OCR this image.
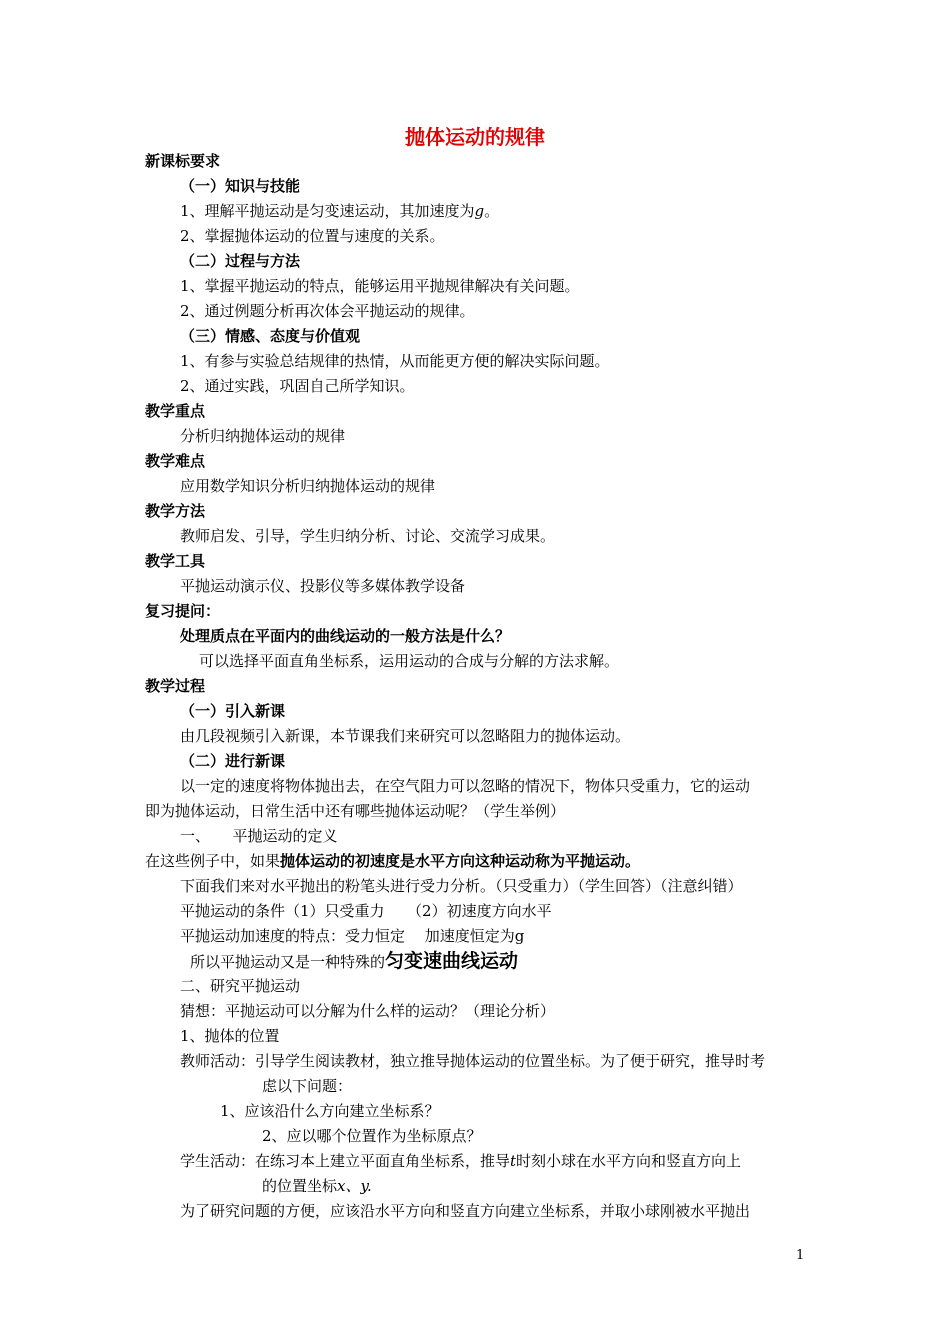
抛体运动的规律
新课标要求
（一）知识与技能
1、理解平抛运动是匀变速运动，其加速度为g。
2、掌握抛体运动的位置与速度的关系。
（二）过程与方法
1、掌握平抛运动的特点，能够运用平抛规律解决有关问题。
2、通过例题分析再次体会平抛运动的规律。
（三）情感、态度与价值观
1、有参与实验总结规律的热情，从而能更方便的解决实际问题。
2、通过实践，巩固自己所学知识。
教学重点
分析归纳抛体运动的规律
教学难点
应用数学知识分析归纳抛体运动的规律
教学方法
教师启发、引导，学生归纳分析、讨论、交流学习成果。
教学工具
平抛运动演示仪、投影仪等多媒体教学设备
复习提问：
处理质点在平面内的曲线运动的一般方法是什么？
可以选择平面直角坐标系，运用运动的合成与分解的方法求解。
教学过程
（一）引入新课
由几段视频引入新课，本节课我们来研究可以忽略阻力的抛体运动。
（二）进行新课
以一定的速度将物体抛出去，在空气阻力可以忽略的情况下，物体只受重力，它的运动
即为抛体运动，日常生活中还有哪些抛体运动呢？（学生举例）
一、　　平抛运动的定义
在这些例子中，如果抛体运动的初速度是水平方向这种运动称为平抛运动。
下面我们来对水平抛出的粉笔头进行受力分析。（只受重力）（学生回答）（注意纠错）
平抛运动的条件（1）只受重力　　（2）初速度方向水平
平抛运动加速度的特点：受力恒定　 加速度恒定为g
所以平抛运动又是一种特殊的匀变速曲线运动
二、研究平抛运动
猜想：平抛运动可以分解为什么样的运动？（理论分析）
1、抛体的位置
教师活动：引导学生阅读教材，独立推导抛体运动的位置坐标。为了便于研究，推导时考
虑以下问题：
1、应该沿什么方向建立坐标系？
2、应以哪个位置作为坐标原点？
学生活动：在练习本上建立平面直角坐标系，推导t时刻小球在水平方向和竖直方向上
的位置坐标x、y.
为了研究问题的方便，应该沿水平方向和竖直方向建立坐标系，并取小球刚被水平抛出
1
